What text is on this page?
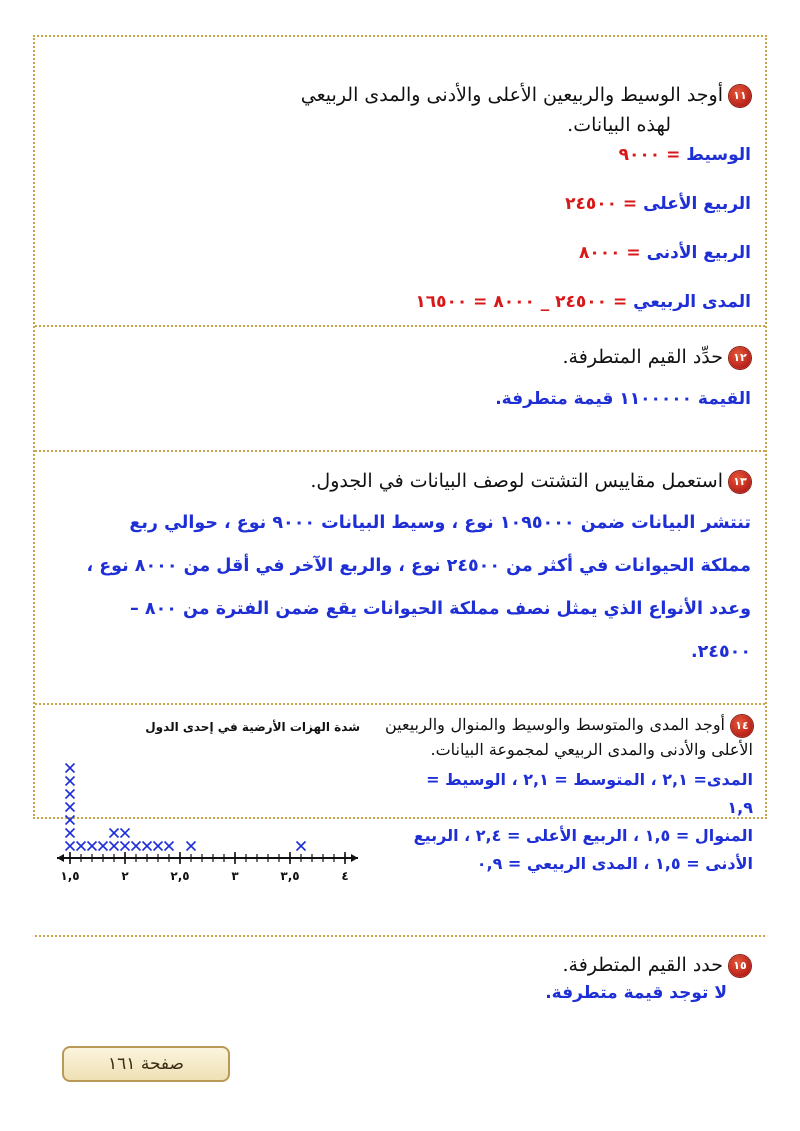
١١أوجد الوسيط والربيعين الأعلى والأدنى والمدى الربيعي
لهذه البيانات.
الوسيط = ٩٠٠٠
الربيع الأعلى = ٢٤٥٠٠
الربيع الأدنى = ٨٠٠٠
المدى الربيعي = ٢٤٥٠٠ _ ٨٠٠٠ = ١٦٥٠٠
١٢حدِّد القيم المتطرفة.
القيمة ١١٠٠٠٠٠ قيمة متطرفة.
١٣استعمل مقاييس التشتت لوصف البيانات في الجدول.
تنتشر البيانات ضمن ١٠٩٥٠٠٠ نوع ، وسيط البيانات ٩٠٠٠ نوع ، حوالي ربع
مملكة الحيوانات في أكثر من ٢٤٥٠٠ نوع ، والربع الآخر في أقل من ٨٠٠٠ نوع ،
وعدد الأنواع الذي يمثل نصف مملكة الحيوانات يقع ضمن الفترة من ٨٠٠ –
٢٤٥٠٠.
١٤أوجد المدى والمتوسط والوسيط والمنوال والربيعين الأعلى والأدنى والمدى الربيعي لمجموعة البيانات.
المدى= ٢,١ ، المتوسط = ٢,١ ، الوسيط =
١,٩
المنوال = ١,٥ ، الربيع الأعلى = ٢,٤ ، الربيع
الأدنى = ١,٥ ، المدى الربيعي = ٠,٩
شدة الهزات الأرضية في إحدى الدول
١,٥	٢	٢,٥	٣	٣,٥	٤
١٥حدد القيم المتطرفة.
لا توجد قيمة متطرفة.
صفحة ١٦١
